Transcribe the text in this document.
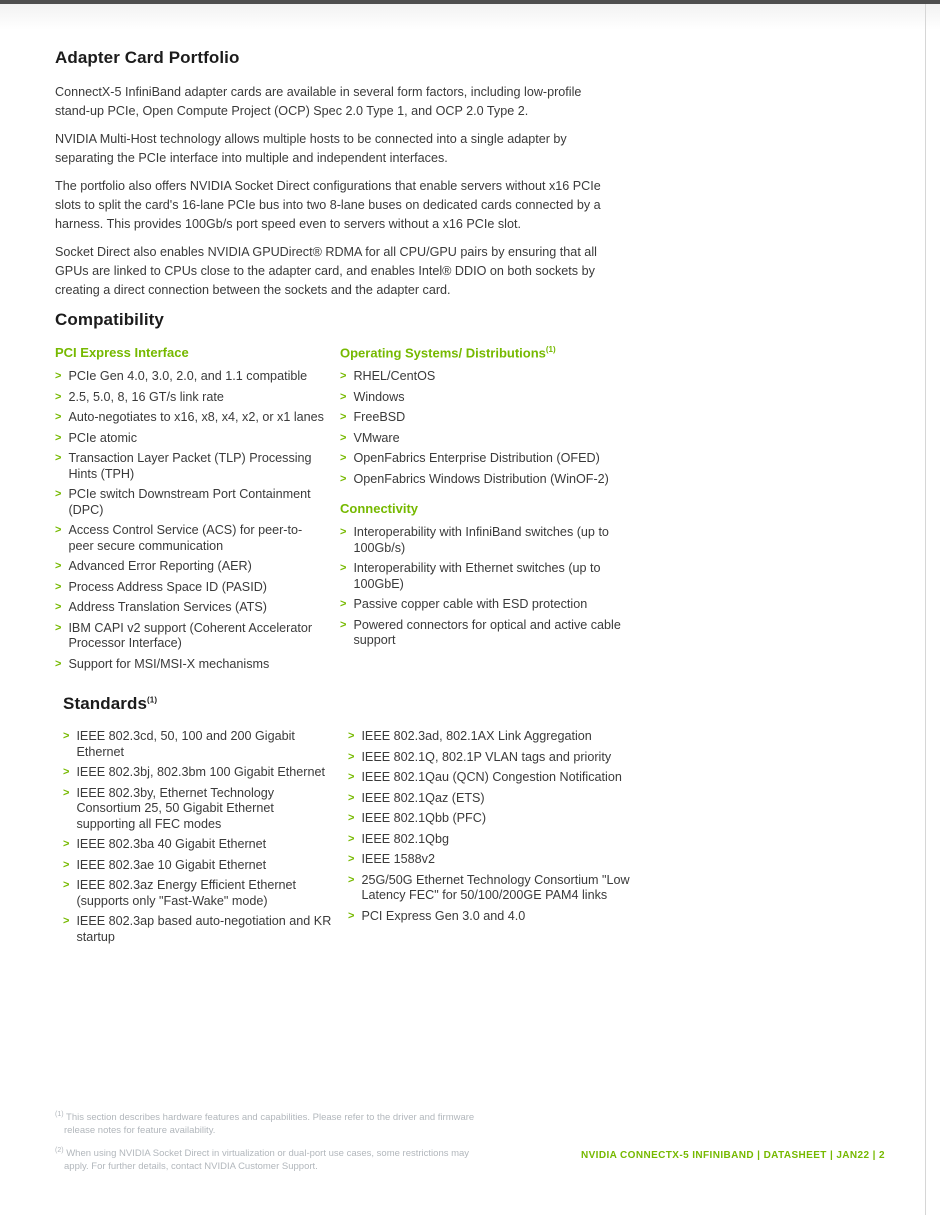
Adapter Card Portfolio

ConnectX-5 InfiniBand adapter cards are available in several form factors, including low-profile stand-up PCIe, Open Compute Project (OCP) Spec 2.0 Type 1, and OCP 2.0 Type 2.

NVIDIA Multi-Host technology allows multiple hosts to be connected into a single adapter by separating the PCIe interface into multiple and independent interfaces.

The portfolio also offers NVIDIA Socket Direct configurations that enable servers without x16 PCIe slots to split the card's 16-lane PCIe bus into two 8-lane buses on dedicated cards connected by a harness. This provides 100Gb/s port speed even to servers without a x16 PCIe slot.

Socket Direct also enables NVIDIA GPUDirect® RDMA for all CPU/GPU pairs by ensuring that all GPUs are linked to CPUs close to the adapter card, and enables Intel® DDIO on both sockets by creating a direct connection between the sockets and the adapter card.

Compatibility
PCI Express Interface
> PCIe Gen 4.0, 3.0, 2.0, and 1.1 compatible
> 2.5, 5.0, 8, 16 GT/s link rate
> Auto-negotiates to x16, x8, x4, x2, or x1 lanes
> PCIe atomic
> Transaction Layer Packet (TLP) Processing Hints (TPH)
> PCIe switch Downstream Port Containment (DPC)
> Access Control Service (ACS) for peer-to-peer secure communication
> Advanced Error Reporting (AER)
> Process Address Space ID (PASID)
> Address Translation Services (ATS)
> IBM CAPI v2 support (Coherent Accelerator Processor Interface)
> Support for MSI/MSI-X mechanisms
Operating Systems/ Distributions$^{(1)}$
> RHEL/CentOS
> Windows
> FreeBSD
> VMware
> OpenFabrics Enterprise Distribution (OFED)
> OpenFabrics Windows Distribution (WinOF-2)
Connectivity
> Interoperability with InfiniBand switches (up to 100Gb/s)
> Interoperability with Ethernet switches (up to 100GbE)
> Passive copper cable with ESD protection
> Powered connectors for optical and active cable support
Standards$^{(1)}$
> IEEE 802.3cd, 50, 100 and 200 Gigabit Ethernet
> IEEE 802.3bj, 802.3bm 100 Gigabit Ethernet
> IEEE 802.3by, Ethernet Technology Consortium 25, 50 Gigabit Ethernet supporting all FEC modes
> IEEE 802.3ba 40 Gigabit Ethernet
> IEEE 802.3ae 10 Gigabit Ethernet
> IEEE 802.3az Energy Efficient Ethernet (supports only "Fast-Wake" mode)
> IEEE 802.3ap based auto-negotiation and KR startup
> IEEE 802.3ad, 802.1AX Link Aggregation
> IEEE 802.1Q, 802.1P VLAN tags and priority
> IEEE 802.1Qau (QCN) Congestion Notification
> IEEE 802.1Qaz (ETS)
> IEEE 802.1Qbb (PFC)
> IEEE 802.1Qbg
> IEEE 1588v2
> 25G/50G Ethernet Technology Consortium "Low Latency FEC" for 50/100/200GE PAM4 links
> PCI Express Gen 3.0 and 4.0

$^{(1)}$ This section describes hardware features and capabilities. Please refer to the driver and firmware release notes for feature availability.

$^{(2)}$ When using NVIDIA Socket Direct in virtualization or dual-port use cases, some restrictions may apply. For further details, contact NVIDIA Customer Support.

NVIDIA CONNECTX-5 INFINIBAND | DATASHEET | JAN22 | 2
